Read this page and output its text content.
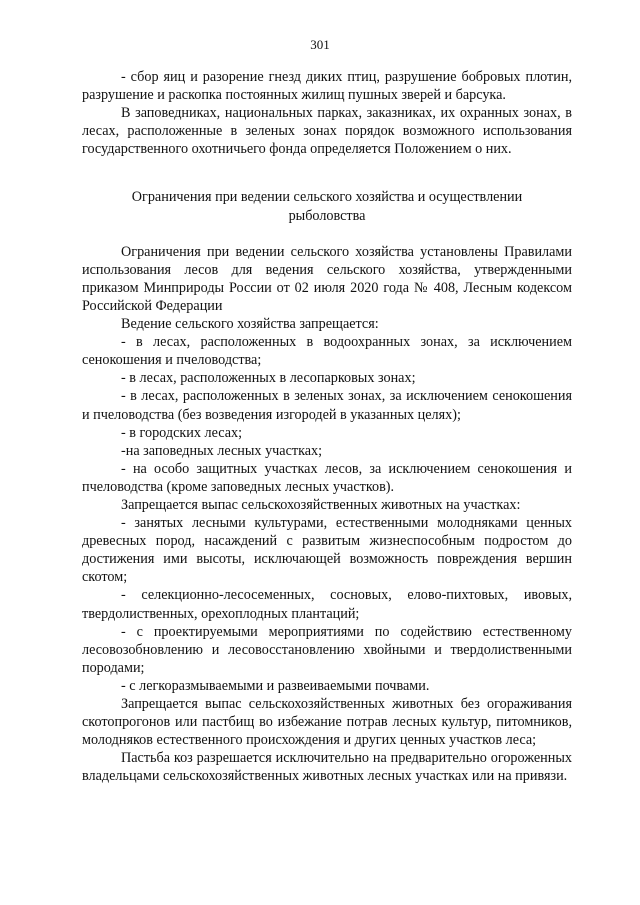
301

- сбор яиц и разорение гнезд диких птиц, разрушение бобровых плотин, разрушение и раскопка постоянных жилищ пушных зверей и барсука.

В заповедниках, национальных парках, заказниках, их охранных зонах, в лесах, расположенные в зеленых зонах порядок возможного использования государственного охотничьего фонда определяется Положением о них.

Ограничения при ведении сельского хозяйства и осуществлении рыболовства

Ограничения при ведении сельского хозяйства установлены Правилами использования лесов для ведения сельского хозяйства, утвержденными приказом Минприроды России от 02 июля 2020 года № 408, Лесным кодексом Российской Федерации

Ведение сельского хозяйства запрещается:

- в лесах, расположенных в водоохранных зонах, за исключением сенокошения и пчеловодства;

- в лесах, расположенных в лесопарковых зонах;

- в лесах, расположенных в зеленых зонах, за исключением сенокошения и пчеловодства (без возведения изгородей в указанных целях);

- в городских лесах;

-на заповедных лесных участках;

- на особо защитных участках лесов, за исключением сенокошения и пчеловодства (кроме заповедных лесных участков).

Запрещается выпас сельскохозяйственных животных на участках:

- занятых лесными культурами, естественными молодняками ценных древесных пород, насаждений с развитым жизнеспособным подростом до достижения ими высоты, исключающей возможность повреждения вершин скотом;

- селекционно-лесосеменных, сосновых, елово-пихтовых, ивовых, твердолиственных, орехоплодных плантаций;

- с проектируемыми мероприятиями по содействию естественному лесовозобновлению и лесовосстановлению хвойными и твердолиственными породами;

- с легкоразмываемыми и развеиваемыми почвами.

Запрещается выпас сельскохозяйственных животных без огораживания скотопрогонов или пастбищ во избежание потрав лесных культур, питомников, молодняков естественного происхождения и других ценных участков леса;

Пастьба коз разрешается исключительно на предварительно огороженных владельцами сельскохозяйственных животных лесных участках или на привязи.
